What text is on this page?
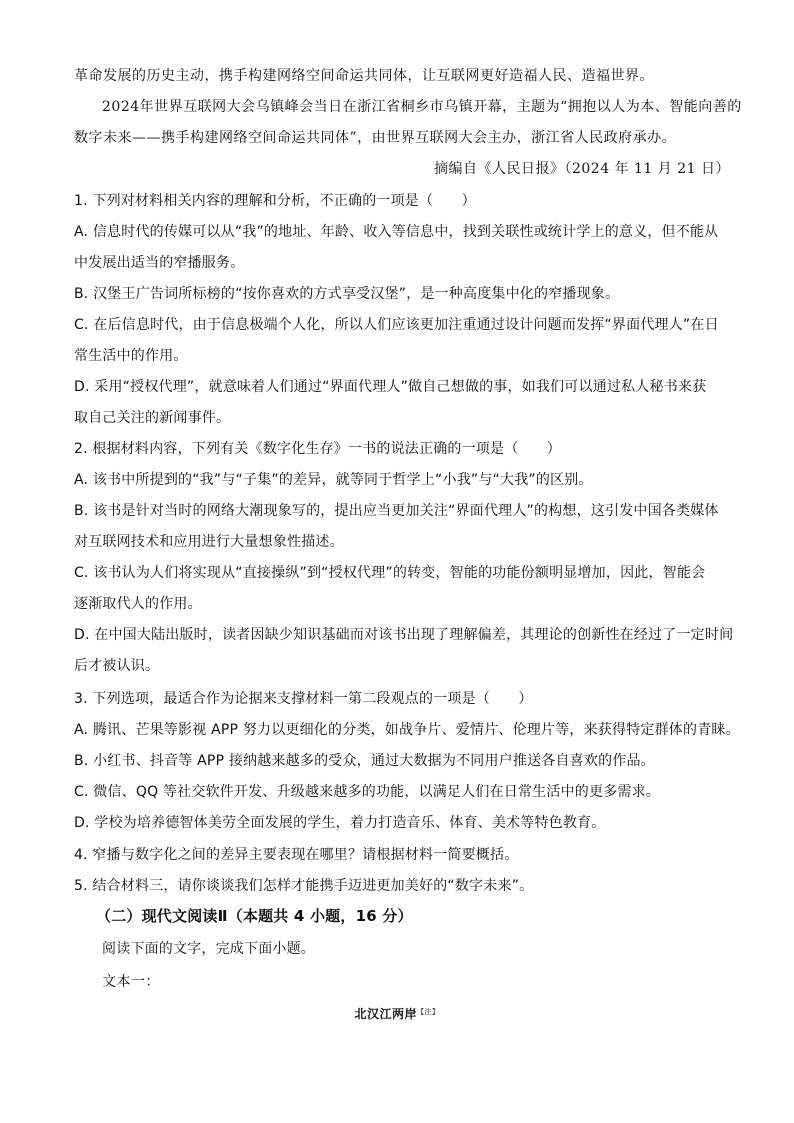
革命发展的历史主动，携手构建网络空间命运共同体，让互联网更好造福人民、造福世界。
2024年世界互联网大会乌镇峰会当日在浙江省桐乡市乌镇开幕，主题为“拥抱以人为本、智能向善的
数字未来——携手构建网络空间命运共同体”，由世界互联网大会主办，浙江省人民政府承办。
摘编自《人民日报》（2024 年 11 月 21 日）
1. 下列对材料相关内容的理解和分析，不正确的一项是（　　）
A. 信息时代的传媒可以从“我”的地址、年龄、收入等信息中，找到关联性或统计学上的意义，但不能从
中发展出适当的窄播服务。
B. 汉堡王广告词所标榜的“按你喜欢的方式享受汉堡”，是一种高度集中化的窄播现象。
C. 在后信息时代，由于信息极端个人化，所以人们应该更加注重通过设计问题而发挥“界面代理人”在日
常生活中的作用。
D. 采用“授权代理”，就意味着人们通过“界面代理人”做自己想做的事，如我们可以通过私人秘书来获
取自己关注的新闻事件。
2. 根据材料内容，下列有关《数字化生存》一书的说法正确的一项是（　　）
A. 该书中所提到的“我”与“子集”的差异，就等同于哲学上“小我”与“大我”的区别。
B. 该书是针对当时的网络大潮现象写的，提出应当更加关注“界面代理人”的构想，这引发中国各类媒体
对互联网技术和应用进行大量想象性描述。
C. 该书认为人们将实现从“直接操纵”到“授权代理”的转变，智能的功能份额明显增加，因此，智能会
逐渐取代人的作用。
D. 在中国大陆出版时，读者因缺少知识基础而对该书出现了理解偏差，其理论的创新性在经过了一定时间
后才被认识。
3. 下列选项，最适合作为论据来支撑材料一第二段观点的一项是（　　）
A. 腾讯、芒果等影视 APP 努力以更细化的分类，如战争片、爱情片、伦理片等，来获得特定群体的青睐。
B. 小红书、抖音等 APP 接纳越来越多的受众，通过大数据为不同用户推送各自喜欢的作品。
C. 微信、QQ 等社交软件开发、升级越来越多的功能，以满足人们在日常生活中的更多需求。
D. 学校为培养德智体美劳全面发展的学生，着力打造音乐、体育、美术等特色教育。
4. 窄播与数字化之间的差异主要表现在哪里？请根据材料一简要概括。
5. 结合材料三，请你谈谈我们怎样才能携手迈进更加美好的“数字未来”。
（二）现代文阅读Ⅱ（本题共 4 小题，16 分）
阅读下面的文字，完成下面小题。
文本一：
北汉江两岸$^{【注】}$
